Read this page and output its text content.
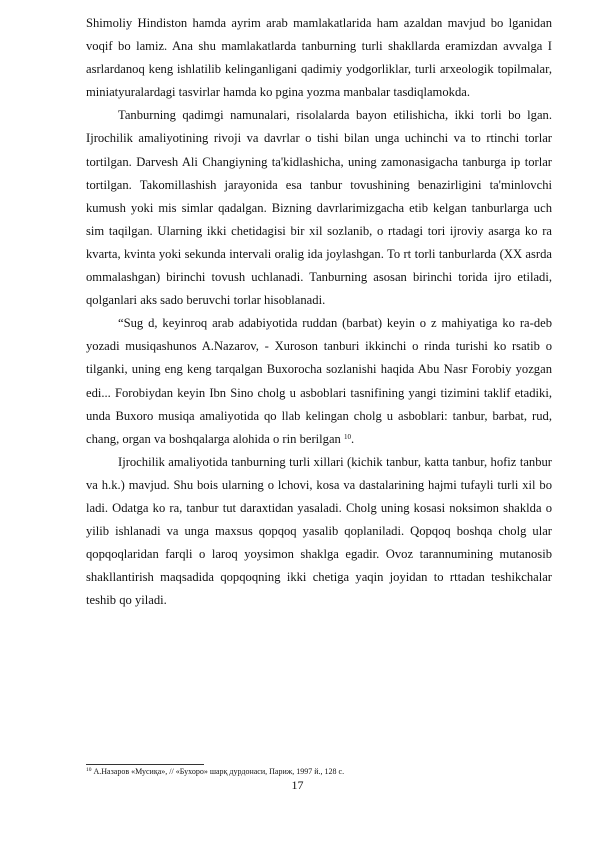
Shimoliy Hindiston hamda ayrim arab mamlakatlarida ham azaldan mavjud bo lganidan voqif bo lamiz. Ana shu mamlakatlarda tanburning turli shakllarda eramizdan avvalga I asrlardanoq keng ishlatilib kelinganligani qadimiy yodgorliklar, turli arxeologik topilmalar, miniatyuralardagi tasvirlar hamda ko pgina yozma manbalar tasdiqlamokda.

Tanburning qadimgi namunalari, risolalarda bayon etilishicha, ikki torli bo lgan. Ijrochilik amaliyotining rivoji va davrlar o tishi bilan unga uchinchi va to rtinchi torlar tortilgan. Darvesh Ali Changiyning ta'kidlashicha, uning zamonasigacha tanburga ip torlar tortilgan. Takomillashish jarayonida esa tanbur tovushining benazirligini ta'minlovchi kumush yoki mis simlar qadalgan. Bizning davrlarimizgacha etib kelgan tanburlarga uch sim taqilgan. Ularning ikki chetidagisi bir xil sozlanib, o rtadagi tori ijroviy asarga ko ra kvarta, kvinta yoki sekunda intervali oralig ida joylashgan. To rt torli tanburlarda (XX asrda ommalashgan) birinchi tovush uchlanadi. Tanburning asosan birinchi torida ijro etiladi, qolganlari aks sado beruvchi torlar hisoblanadi.

“Sug d, keyinroq arab adabiyotida ruddan (barbat) keyin o z mahiyatiga ko ra-deb yozadi musiqashunos A.Nazarov, - Xuroson tanburi ikkinchi o rinda turishi ko rsatib o tilganki, uning eng keng tarqalgan Buxorocha sozlanishi haqida Abu Nasr Forobiy yozgan edi... Forobiydan keyin Ibn Sino cholg u asboblari tasnifining yangi tizimini taklif etadiki, unda Buxoro musiqa amaliyotida qo llab kelingan cholg u asboblari: tanbur, barbat, rud, chang, organ va boshqalarga alohida o rin berilgan $^{10}$.

Ijrochilik amaliyotida tanburning turli xillari (kichik tanbur, katta tanbur, hofiz tanbur va h.k.) mavjud. Shu bois ularning o lchovi, kosa va dastalarining hajmi tufayli turli xil bo ladi. Odatga ko ra, tanbur tut daraxtidan yasaladi. Cholg uning kosasi noksimon shaklda o yilib ishlanadi va unga maxsus qopqoq yasalib qoplaniladi. Qopqoq boshqa cholg ular qopqoqlaridan farqli o laroq yoysimon shaklga egadir. Ovoz tarannumining mutanosib shakllantirish maqsadida qopqoqning ikki chetiga yaqin joyidan to rttadan teshikchalar teshib qo yiladi.

$^{10}$ А.Назаров «Мусиқа», // «Бухоро» шарқ дурдонаси, Париж, 1997 й., 128 с.

17
